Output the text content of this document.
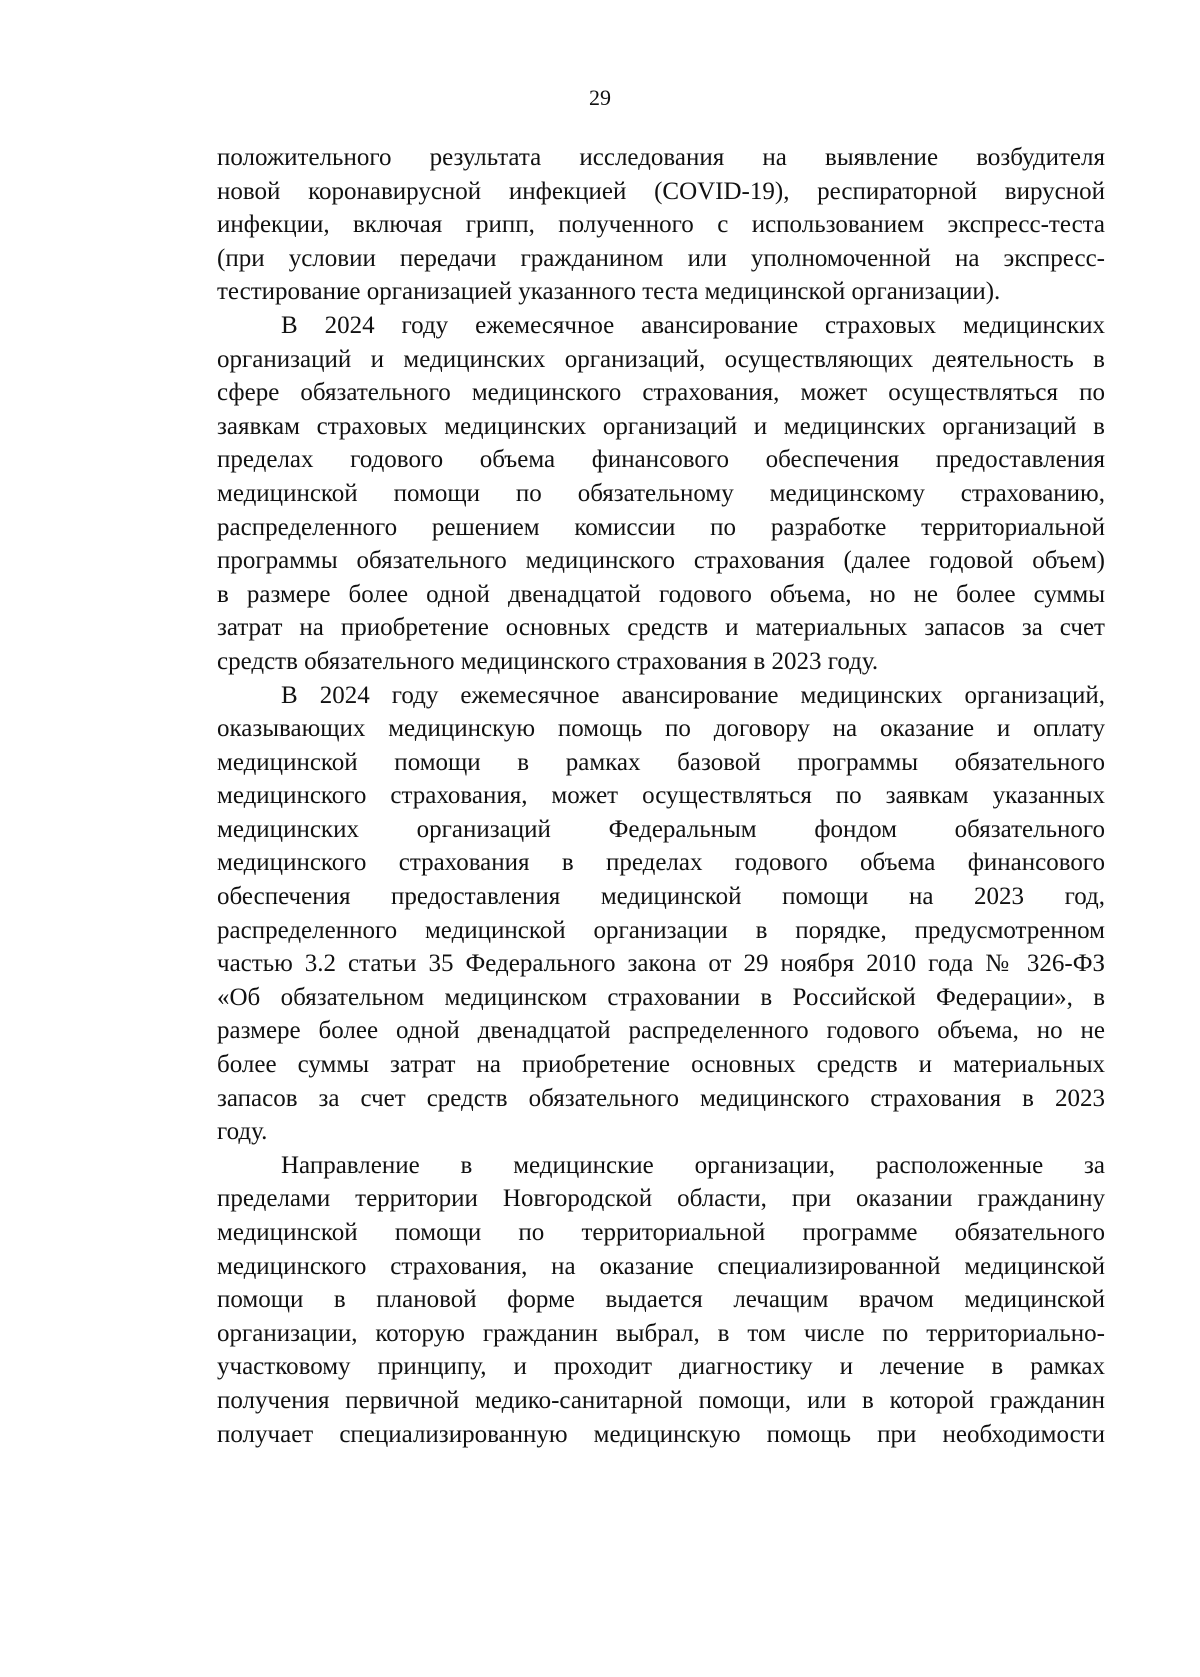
29
положительного результата исследования на выявление возбудителя
новой коронавирусной инфекцией (COVID-19), респираторной вирусной
инфекции, включая грипп, полученного с использованием экспресс-теста
(при условии передачи гражданином или уполномоченной на экспресс-
тестирование организацией указанного теста медицинской организации).
В 2024 году ежемесячное авансирование страховых медицинских
организаций и медицинских организаций, осуществляющих деятельность в
сфере обязательного медицинского страхования, может осуществляться по
заявкам страховых медицинских организаций и медицинских организаций в
пределах годового объема финансового обеспечения предоставления
медицинской помощи по обязательному медицинскому страхованию,
распределенного решением комиссии по разработке территориальной
программы обязательного медицинского страхования (далее годовой объем)
в размере более одной двенадцатой годового объема, но не более суммы
затрат на приобретение основных средств и материальных запасов за счет
средств обязательного медицинского страхования в 2023 году.
В 2024 году ежемесячное авансирование медицинских организаций,
оказывающих медицинскую помощь по договору на оказание и оплату
медицинской помощи в рамках базовой программы обязательного
медицинского страхования, может осуществляться по заявкам указанных
медицинских организаций Федеральным фондом обязательного
медицинского страхования в пределах годового объема финансового
обеспечения предоставления медицинской помощи на 2023 год,
распределенного медицинской организации в порядке, предусмотренном
частью 3.2 статьи 35 Федерального закона от 29 ноября 2010 года № 326-ФЗ
«Об обязательном медицинском страховании в Российской Федерации», в
размере более одной двенадцатой распределенного годового объема, но не
более суммы затрат на приобретение основных средств и материальных
запасов за счет средств обязательного медицинского страхования в 2023
году.
Направление в медицинские организации, расположенные за
пределами территории Новгородской области, при оказании гражданину
медицинской помощи по территориальной программе обязательного
медицинского страхования, на оказание специализированной медицинской
помощи в плановой форме выдается лечащим врачом медицинской
организации, которую гражданин выбрал, в том числе по территориально-
участковому принципу, и проходит диагностику и лечение в рамках
получения первичной медико-санитарной помощи, или в которой гражданин
получает специализированную медицинскую помощь при необходимости
